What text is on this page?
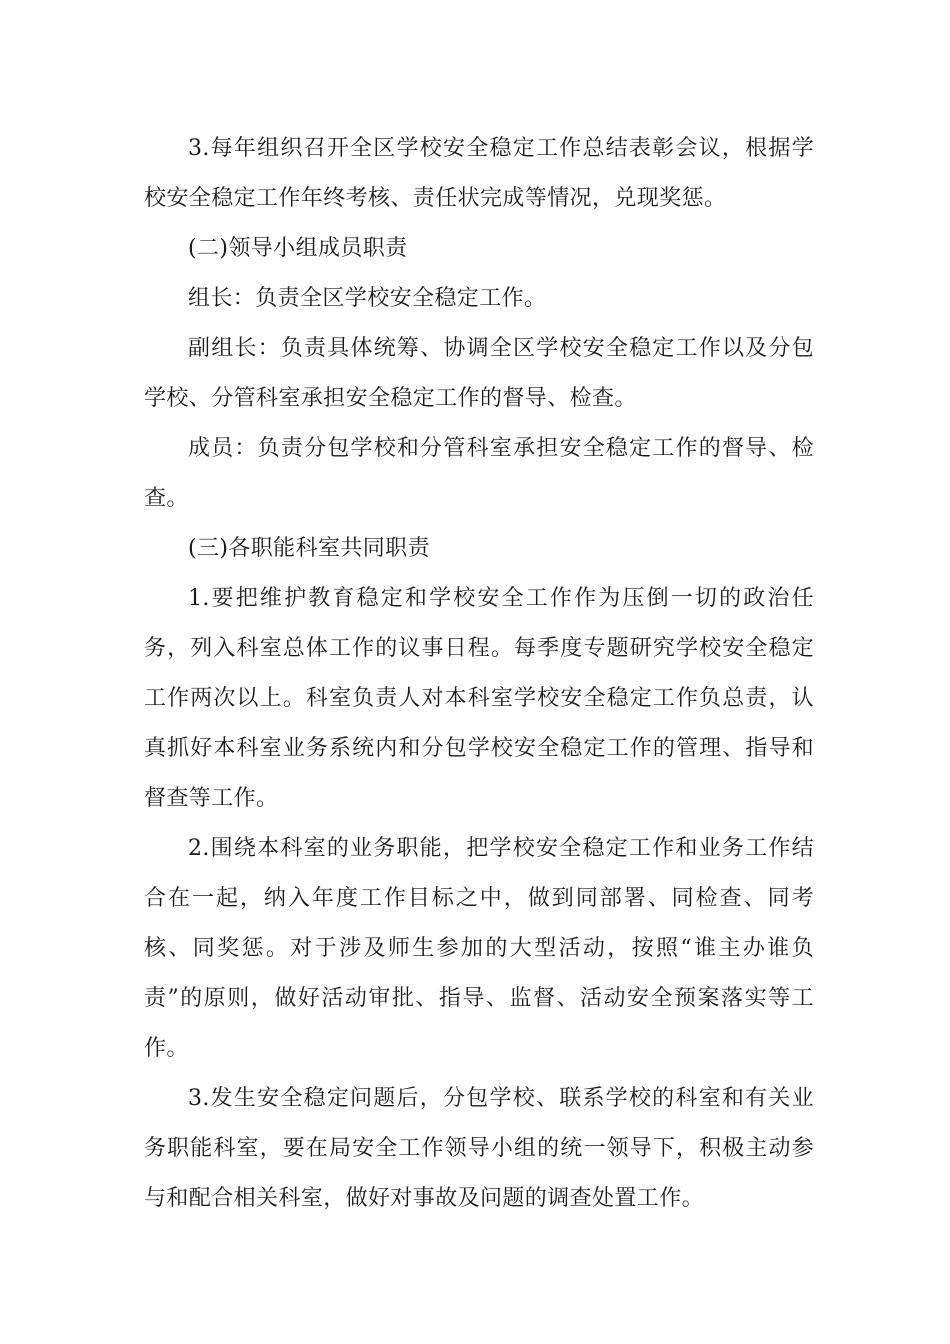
3.每年组织召开全区学校安全稳定工作总结表彰会议，根据学校安全稳定工作年终考核、责任状完成等情况，兑现奖惩。

(二)领导小组成员职责

组长：负责全区学校安全稳定工作。

副组长：负责具体统筹、协调全区学校安全稳定工作以及分包学校、分管科室承担安全稳定工作的督导、检查。

成员：负责分包学校和分管科室承担安全稳定工作的督导、检查。

(三)各职能科室共同职责

1.要把维护教育稳定和学校安全工作作为压倒一切的政治任务，列入科室总体工作的议事日程。每季度专题研究学校安全稳定工作两次以上。科室负责人对本科室学校安全稳定工作负总责，认真抓好本科室业务系统内和分包学校安全稳定工作的管理、指导和督查等工作。

2.围绕本科室的业务职能，把学校安全稳定工作和业务工作结合在一起，纳入年度工作目标之中，做到同部署、同检查、同考核、同奖惩。对于涉及师生参加的大型活动，按照“谁主办谁负责”的原则，做好活动审批、指导、监督、活动安全预案落实等工作。

3.发生安全稳定问题后，分包学校、联系学校的科室和有关业务职能科室，要在局安全工作领导小组的统一领导下，积极主动参与和配合相关科室，做好对事故及问题的调查处置工作。
